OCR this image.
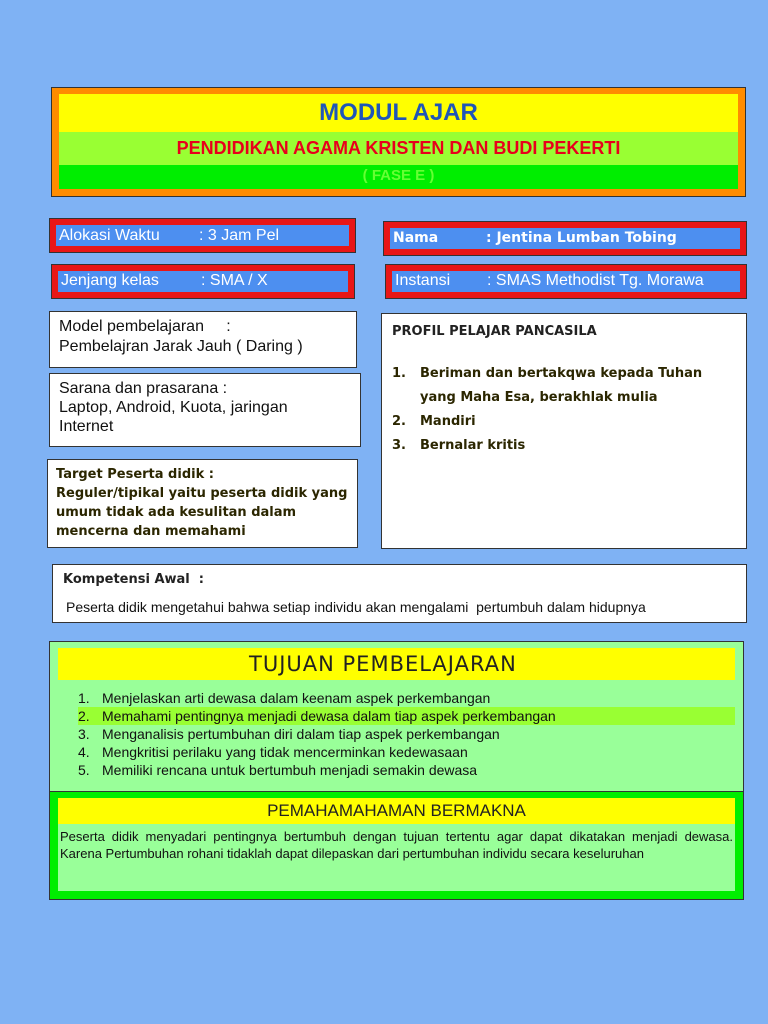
MODUL AJAR
PENDIDIKAN AGAMA KRISTEN DAN BUDI PEKERTI
( FASE E )
Alokasi Waktu : 3 Jam Pel
Jenjang kelas	: SMA / X
Nama	: Jentina Lumban Tobing
Instansi : SMAS Methodist Tg. Morawa
Model pembelajaran     :
Pembelajran Jarak Jauh ( Daring )
Sarana dan prasarana :
Laptop, Android, Kuota, jaringan
Internet
Target Peserta didik :
Reguler/tipikal yaitu peserta didik yang umum tidak ada kesulitan dalam mencerna dan memahami
PROFIL PELAJAR PANCASILA
1.	Beriman dan bertakqwa kepada Tuhan
yang Maha Esa, berakhlak mulia
2.	Mandiri
3.	Bernalar kritis
Kompetensi Awal  :
Peserta didik mengetahui bahwa setiap individu akan mengalami  pertumbuh dalam hidupnya
TUJUAN PEMBELAJARAN
1. Menjelaskan arti dewasa dalam keenam aspek perkembangan
2. Memahami pentingnya menjadi dewasa dalam tiap aspek perkembangan
3. Menganalisis pertumbuhan diri dalam tiap aspek perkembangan
4. Mengkritisi perilaku yang tidak mencerminkan kedewasaan
5. Memiliki rencana untuk bertumbuh menjadi semakin dewasa
PEMAHAMAHAMAN BERMAKNA
Peserta didik menyadari pentingnya bertumbuh dengan tujuan tertentu agar dapat dikatakan menjadi dewasa. Karena Pertumbuhan rohani tidaklah dapat dilepaskan dari pertumbuhan individu secara keseluruhan
